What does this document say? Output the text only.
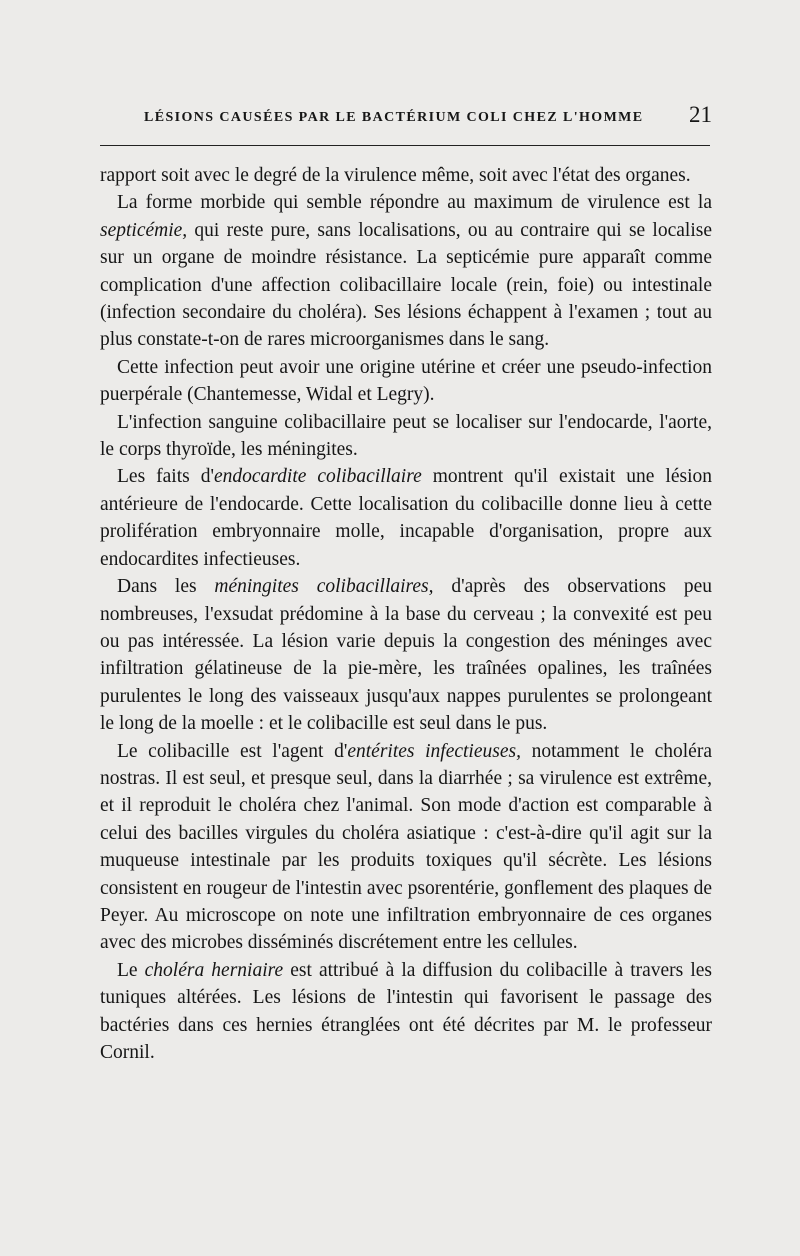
LÉSIONS CAUSÉES PAR LE BACTÉRIUM COLI CHEZ L'HOMME 21

rapport soit avec le degré de la virulence même, soit avec l'état des organes.

La forme morbide qui semble répondre au maximum de virulence est la septicémie, qui reste pure, sans localisations, ou au contraire qui se localise sur un organe de moindre résistance. La septicémie pure apparaît comme complication d'une affection colibacillaire locale (rein, foie) ou intestinale (infection secondaire du choléra). Ses lésions échappent à l'examen ; tout au plus constate-t-on de rares microorganismes dans le sang.

Cette infection peut avoir une origine utérine et créer une pseudo-infection puerpérale (Chantemesse, Widal et Legry).

L'infection sanguine colibacillaire peut se localiser sur l'endocarde, l'aorte, le corps thyroïde, les méningites.

Les faits d'endocardite colibacillaire montrent qu'il existait une lésion antérieure de l'endocarde. Cette localisation du colibacille donne lieu à cette prolifération embryonnaire molle, incapable d'organisation, propre aux endocardites infectieuses.

Dans les méningites colibacillaires, d'après des observations peu nombreuses, l'exsudat prédomine à la base du cerveau ; la convexité est peu ou pas intéressée. La lésion varie depuis la congestion des méninges avec infiltration gélatineuse de la pie-mère, les traînées opalines, les traînées purulentes le long des vaisseaux jusqu'aux nappes purulentes se prolongeant le long de la moelle : et le colibacille est seul dans le pus.

Le colibacille est l'agent d'entérites infectieuses, notamment le choléra nostras. Il est seul, et presque seul, dans la diarrhée ; sa virulence est extrême, et il reproduit le choléra chez l'animal. Son mode d'action est comparable à celui des bacilles virgules du choléra asiatique : c'est-à-dire qu'il agit sur la muqueuse intestinale par les produits toxiques qu'il sécrète. Les lésions consistent en rougeur de l'intestin avec psorentérie, gonflement des plaques de Peyer. Au microscope on note une infiltration embryonnaire de ces organes avec des microbes disséminés discrétement entre les cellules.

Le choléra herniaire est attribué à la diffusion du colibacille à travers les tuniques altérées. Les lésions de l'intestin qui favorisent le passage des bactéries dans ces hernies étranglées ont été décrites par M. le professeur Cornil.
